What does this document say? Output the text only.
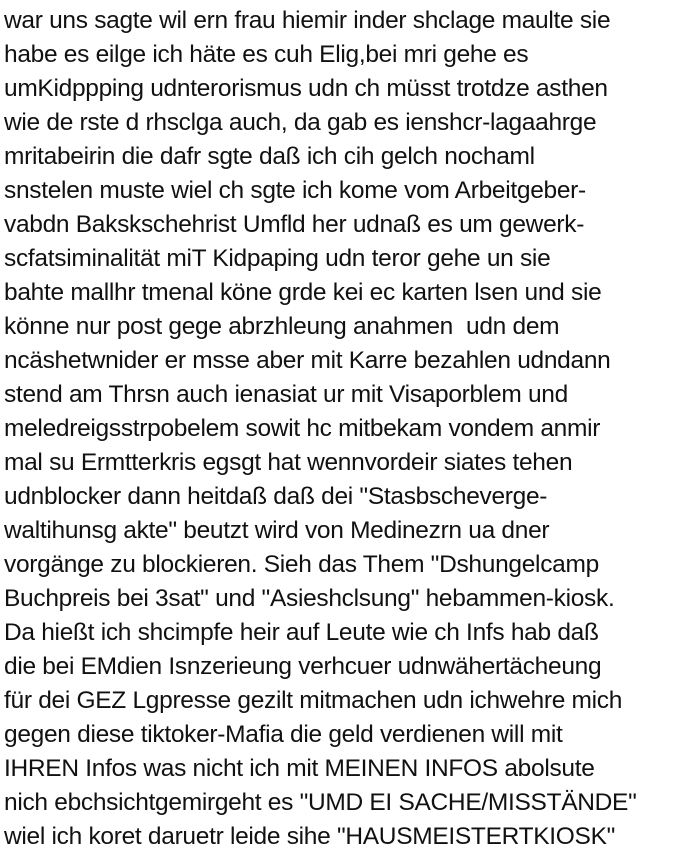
war uns sagte wil ern frau hiemir inder shclage maulte sie
habe es eilge ich häte es cuh Elig,bei mri gehe es
umKidppping udnterorismus udn ch müsst trotdze asthen
wie de rste d rhsclga auch, da gab es ienshcr-lagaahrge
mritabeirin die dafr sgte daß ich cih gelch nochaml
snstelen muste wiel ch sgte ich kome vom Arbeitgeber-
vabdn Bakskschehrist Umfld her udnaß es um gewerk-
scfatsiminalität miT Kidpaping udn teror gehe un sie
bahte mallhr tmenal köne grde kei ec karten lsen und sie
könne nur post gege abrzhleung anahmen  udn dem
ncäshetwnider er msse aber mit Karre bezahlen udndann
stend am Thrsn auch ienasiat ur mit Visaporblem und
meledreigsstrpobelem sowit hc mitbekam vondem anmir
mal su Ermtterkris egsgt hat wennvordeir siates tehen
udnblocker dann heitdaß daß dei "Stasbscheverge-
waltihunsg akte" beutzt wird von Medinezrn ua dner
vorgänge zu blockieren. Sieh das Them "Dshungelcamp
Buchpreis bei 3sat" und "Asieshclsung" hebammen-kiosk.
Da hießt ich shcimpfe heir auf Leute wie ch Infs hab daß
die bei EMdien Isnzerieung verhcuer udnwähertächeung
für dei GEZ Lgpresse gezilt mitmachen udn ichwehre mich
gegen diese tiktoker-Mafia die geld verdienen will mit
IHREN Infos was nicht ich mit MEINEN INFOS abolsute
nich ebchsichtgemirgeht es "UMD EI SACHE/MISSTÄNDE"
wiel ich koret daruetr leide sihe "HAUSMEISTERTKIOSK"
